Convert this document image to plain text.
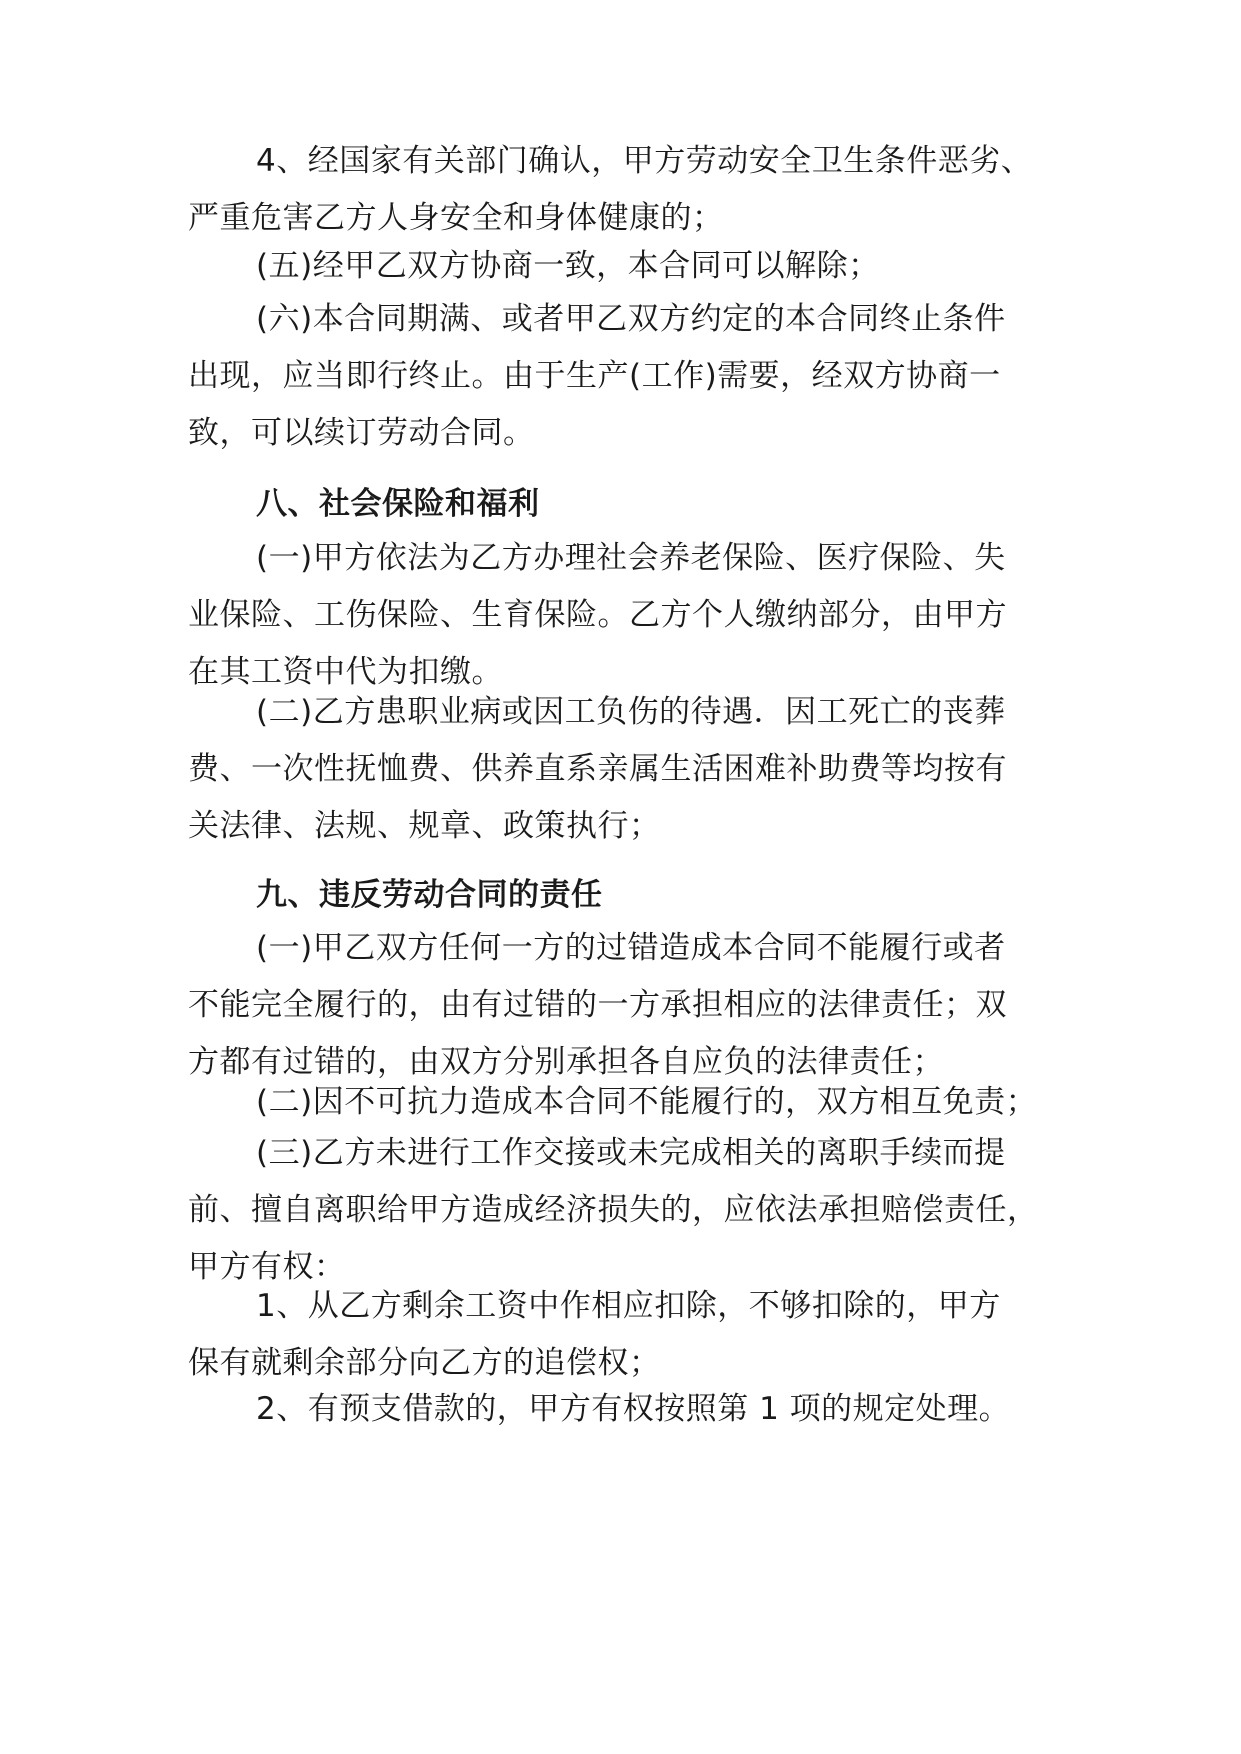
4、经国家有关部门确认，甲方劳动安全卫生条件恶劣、
严重危害乙方人身安全和身体健康的；

(五)经甲乙双方协商一致，本合同可以解除；

(六)本合同期满、或者甲乙双方约定的本合同终止条件
出现，应当即行终止。由于生产(工作)需要，经双方协商一
致，可以续订劳动合同。

八、社会保险和福利

(一)甲方依法为乙方办理社会养老保险、医疗保险、失
业保险、工伤保险、生育保险。乙方个人缴纳部分，由甲方
在其工资中代为扣缴。

(二)乙方患职业病或因工负伤的待遇．因工死亡的丧葬
费、一次性抚恤费、供养直系亲属生活困难补助费等均按有
关法律、法规、规章、政策执行；

九、违反劳动合同的责任

(一)甲乙双方任何一方的过错造成本合同不能履行或者
不能完全履行的，由有过错的一方承担相应的法律责任；双
方都有过错的，由双方分别承担各自应负的法律责任；

(二)因不可抗力造成本合同不能履行的，双方相互免责；

(三)乙方未进行工作交接或未完成相关的离职手续而提
前、擅自离职给甲方造成经济损失的，应依法承担赔偿责任，
甲方有权：

1、从乙方剩余工资中作相应扣除，不够扣除的，甲方
保有就剩余部分向乙方的追偿权；

2、有预支借款的，甲方有权按照第 1 项的规定处理。
